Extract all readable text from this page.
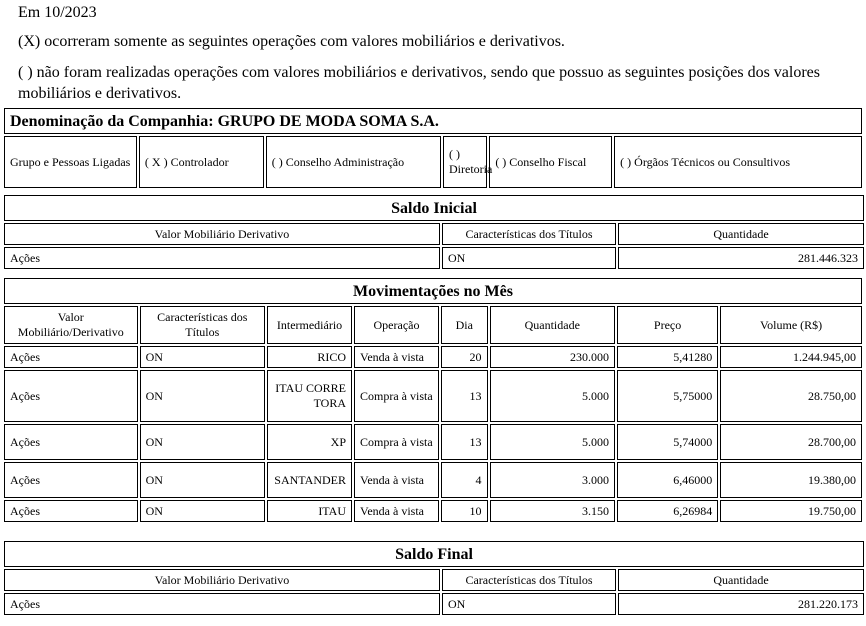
Em 10/2023

(X) ocorreram somente as seguintes operações com valores mobiliários e derivativos.

( ) não foram realizadas operações com valores mobiliários e derivativos, sendo que possuo as seguintes posições dos valores mobiliários e derivativos.

Denominação da Companhia: GRUPO DE MODA SOMA S.A.
Grupo e Pessoas Ligadas	( X ) Controlador	( ) Conselho Administração	( ) Diretoria	( ) Conselho Fiscal	( ) Órgãos Técnicos ou Consultivos
Saldo Inicial		
Valor Mobiliário Derivativo	Características dos Títulos	Quantidade
Ações	ON	281.446.323
Movimentações no Mês							
Valor Mobiliário/Derivativo	Características dos Títulos	Intermediário	Operação	Dia	Quantidade	Preço	Volume (R$)
Ações	ON	RICO	Venda à vista	20	230.000	5,41280	1.244.945,00
Ações	ON	ITAU CORRETORA	Compra à vista	13	5.000	5,75000	28.750,00
Ações	ON	XP	Compra à vista	13	5.000	5,74000	28.700,00
Ações	ON	SANTANDER	Venda à vista	4	3.000	6,46000	19.380,00
Ações	ON	ITAU	Venda à vista	10	3.150	6,26984	19.750,00
Saldo Final		
Valor Mobiliário Derivativo	Características dos Títulos	Quantidade
Ações	ON	281.220.173
